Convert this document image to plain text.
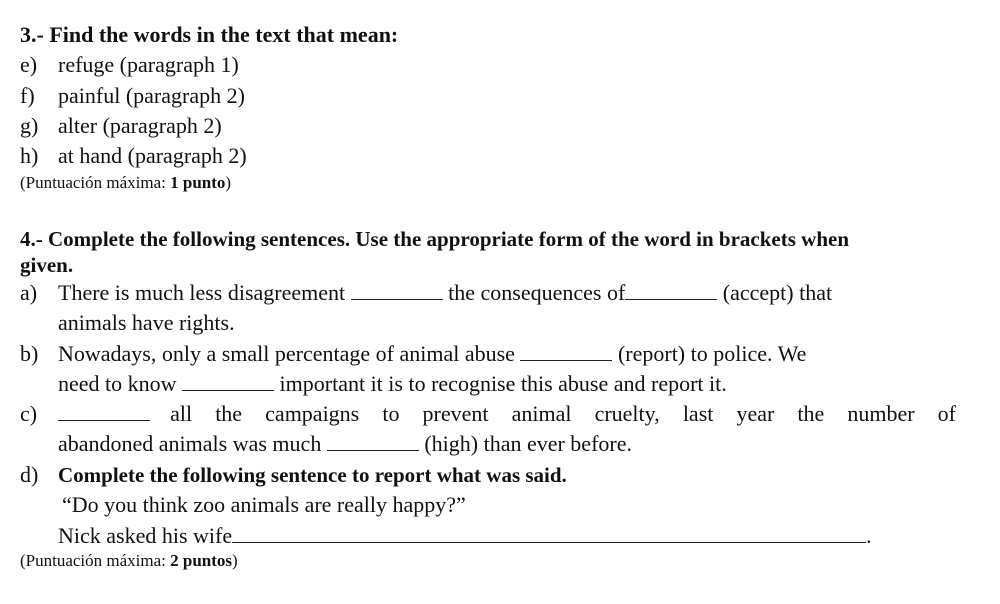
3.- Find the words in the text that mean:
e) refuge (paragraph 1)
f) painful (paragraph 2)
g) alter (paragraph 2)
h) at hand (paragraph 2)
(Puntuación máxima: 1 punto)
4.- Complete the following sentences. Use the appropriate form of the word in brackets when
given.
a) There is much less disagreement	the consequences of	(accept) that
animals have rights.
b) Nowadays, only a small percentage of animal abuse	(report) to police. We
need to know	important it is to recognise this abuse and report it.
c)	all the campaigns to prevent animal cruelty, last year the number of
abandoned animals was much	(high) than ever before.
d) Complete the following sentence to report what was said.
“Do you think zoo animals are really happy?”
Nick asked his wife	.
(Puntuación máxima: 2 puntos)
